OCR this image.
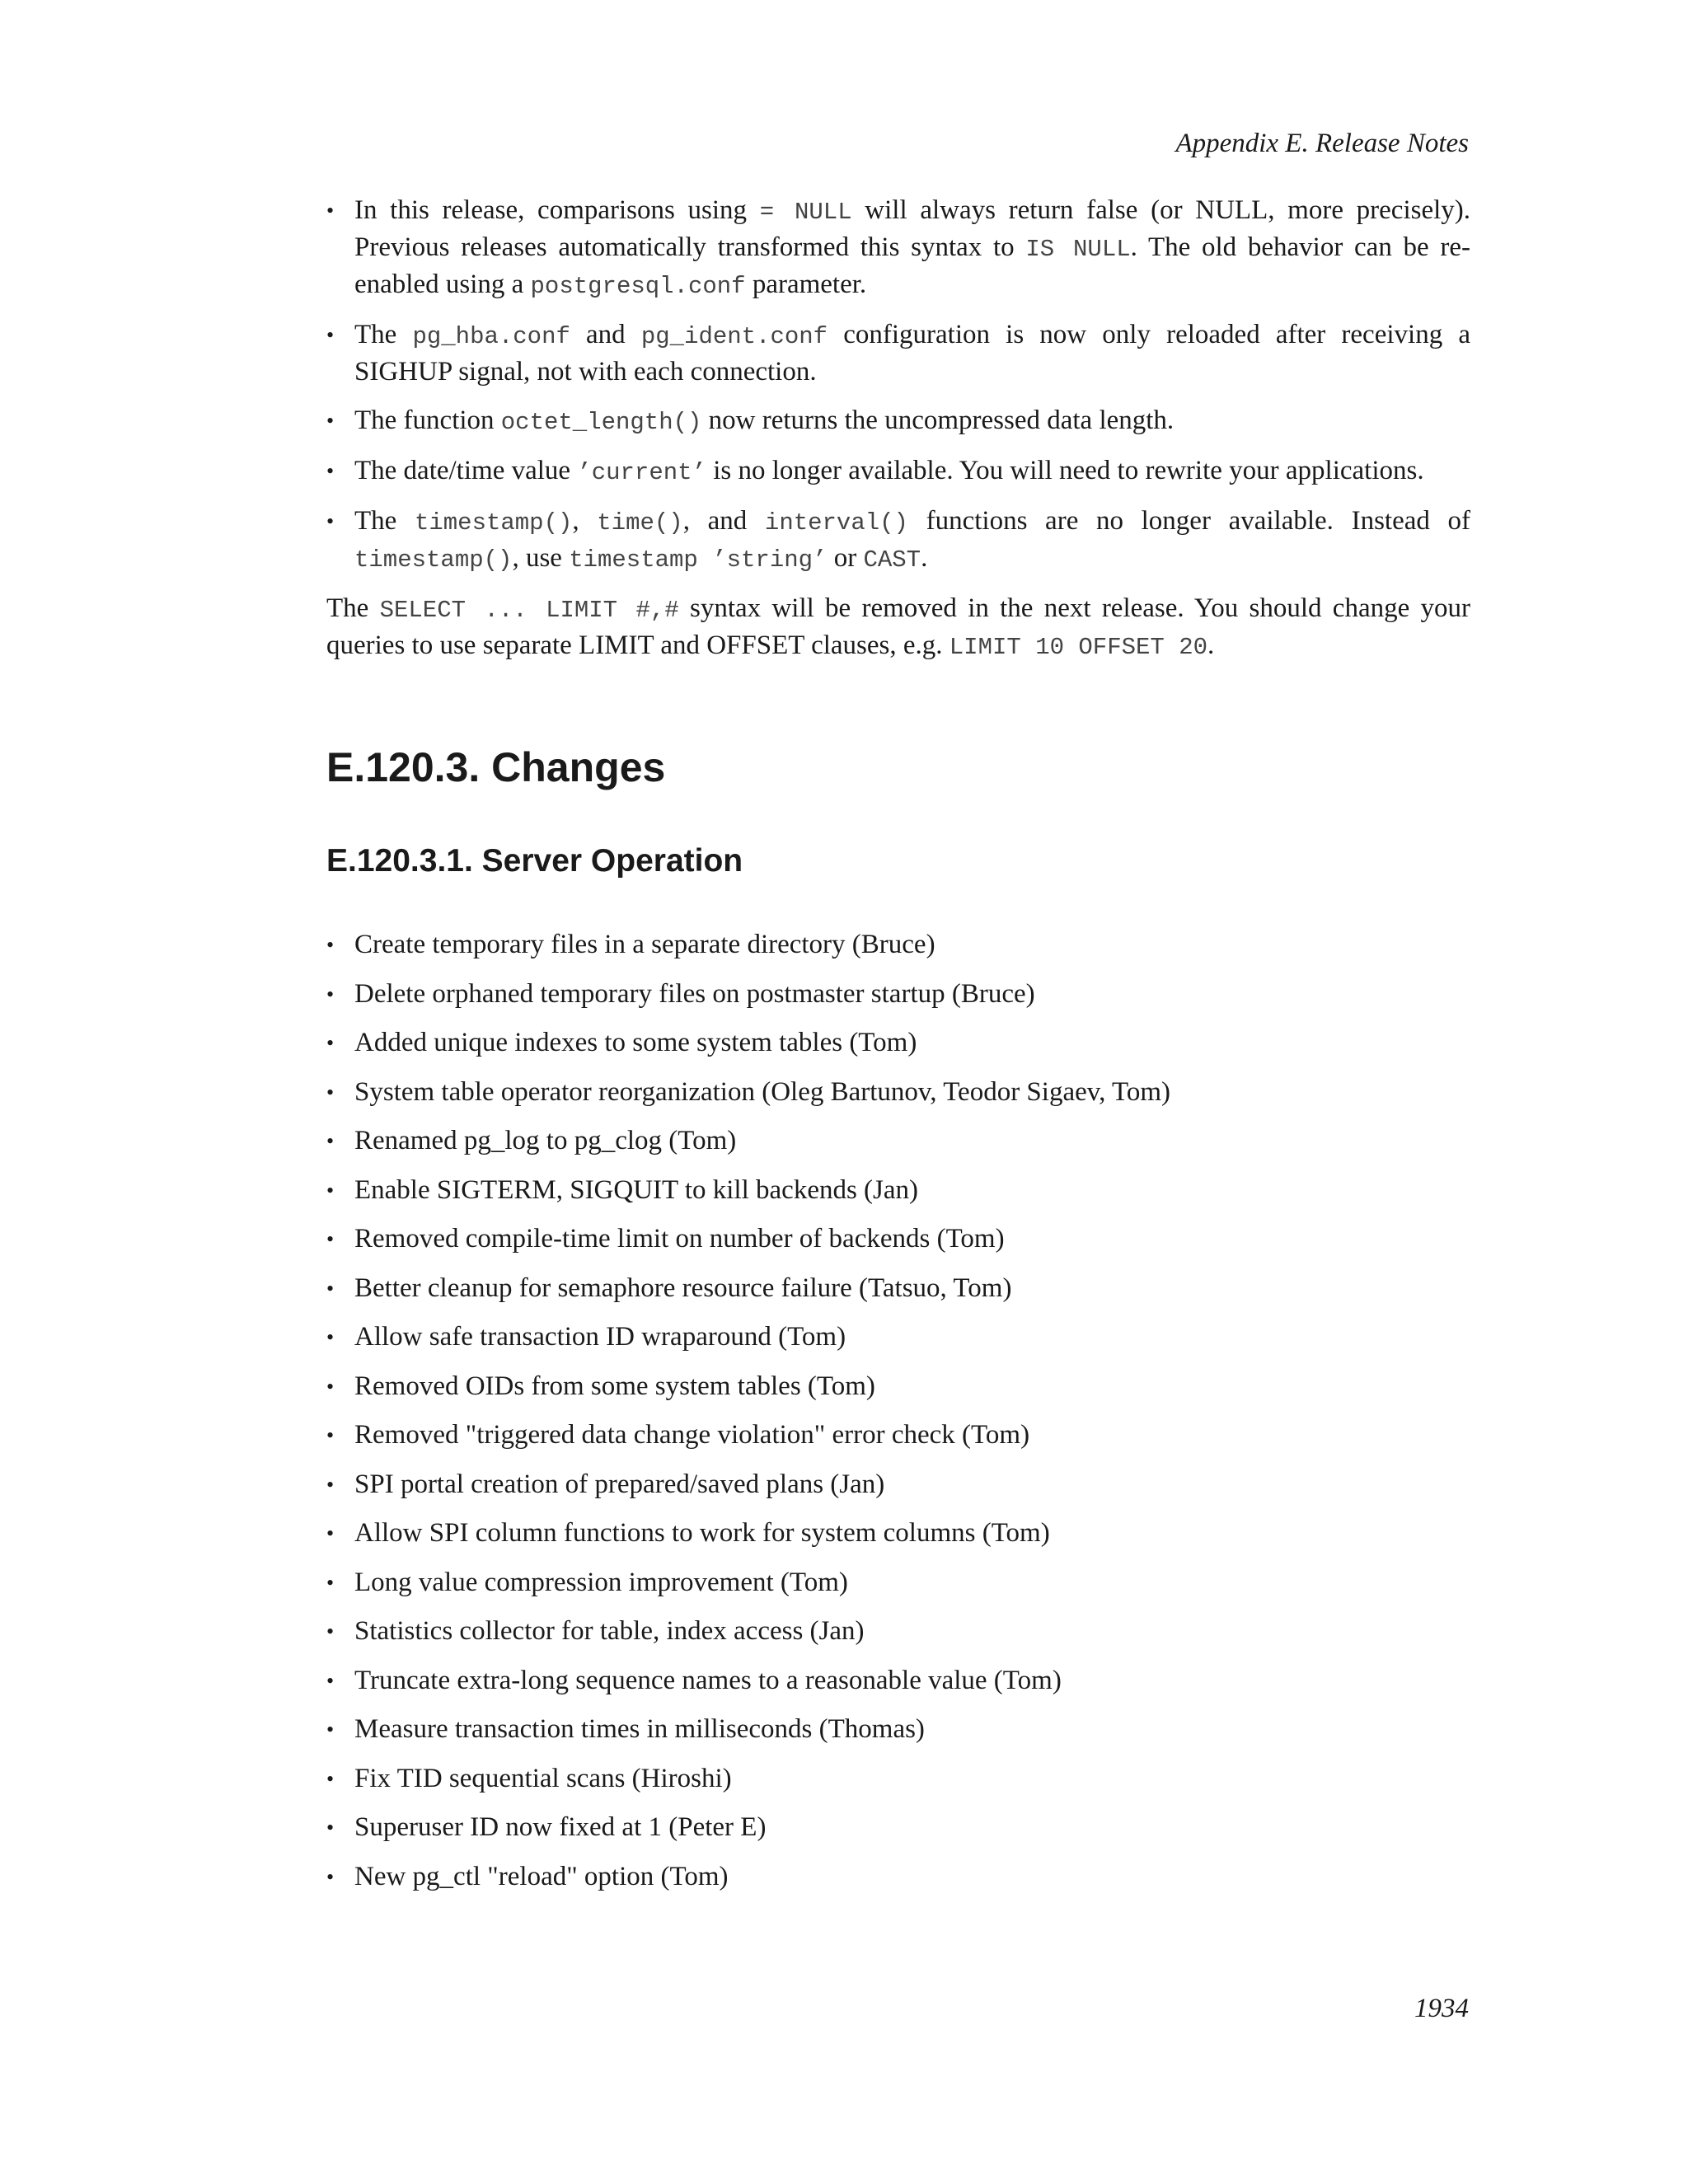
Appendix E. Release Notes
• In this release, comparisons using = NULL will always return false (or NULL, more precisely). Previous releases automatically transformed this syntax to IS NULL. The old behavior can be re-enabled using a postgresql.conf parameter.
• The pg_hba.conf and pg_ident.conf configuration is now only reloaded after receiving a SIGHUP signal, not with each connection.
• The function octet_length() now returns the uncompressed data length.
• The date/time value ’current’ is no longer available. You will need to rewrite your applications.
• The timestamp(), time(), and interval() functions are no longer available. Instead of timestamp(), use timestamp ’string’ or CAST.

The SELECT ... LIMIT #,# syntax will be removed in the next release. You should change your queries to use separate LIMIT and OFFSET clauses, e.g. LIMIT 10 OFFSET 20.

E.120.3. Changes
E.120.3.1. Server Operation
• Create temporary files in a separate directory (Bruce)
• Delete orphaned temporary files on postmaster startup (Bruce)
• Added unique indexes to some system tables (Tom)
• System table operator reorganization (Oleg Bartunov, Teodor Sigaev, Tom)
• Renamed pg_log to pg_clog (Tom)
• Enable SIGTERM, SIGQUIT to kill backends (Jan)
• Removed compile-time limit on number of backends (Tom)
• Better cleanup for semaphore resource failure (Tatsuo, Tom)
• Allow safe transaction ID wraparound (Tom)
• Removed OIDs from some system tables (Tom)
• Removed "triggered data change violation" error check (Tom)
• SPI portal creation of prepared/saved plans (Jan)
• Allow SPI column functions to work for system columns (Tom)
• Long value compression improvement (Tom)
• Statistics collector for table, index access (Jan)
• Truncate extra-long sequence names to a reasonable value (Tom)
• Measure transaction times in milliseconds (Thomas)
• Fix TID sequential scans (Hiroshi)
• Superuser ID now fixed at 1 (Peter E)
• New pg_ctl "reload" option (Tom)
1934
